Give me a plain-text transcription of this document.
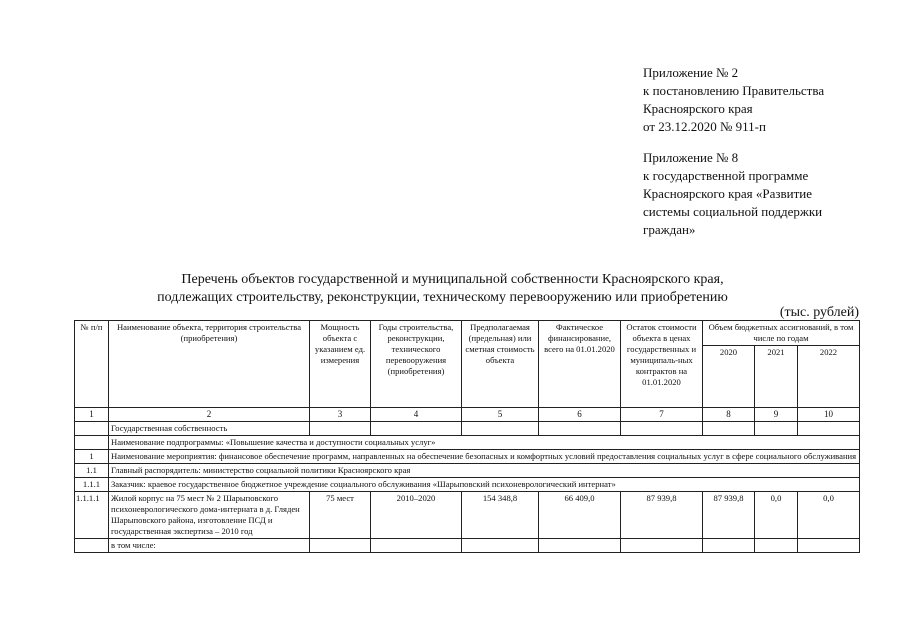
Приложение № 2
к постановлению Правительства
Красноярского края
от 23.12.2020 № 911-п
Приложение № 8
к государственной программе
Красноярского края «Развитие
системы социальной поддержки
граждан»
Перечень объектов государственной и муниципальной собственности Красноярского края,
подлежащих строительству, реконструкции, техническому перевооружению или приобретению
(тыс. рублей)
№ п/п	Наименование объекта, территория строительства (приобретения)	Мощность объекта с указанием ед. измерения	Годы строительства, реконструкции, технического перевооружения (приобретения)	Предполагаемая (предельная) или сметная стоимость объекта	Фактическое финансирование, всего на 01.01.2020	Остаток стоимости объекта в ценах государственных и муниципаль-ных контрактов на 01.01.2020	Объем бюджетных ассигнований, в том числе по годам		
							2020	2021	2022
1	2	3	4	5	6	7	8	9	10
	Государственная собственность								
	Наименование подпрограммы: «Повышение качества и доступности социальных услуг»								
1	Наименование мероприятия: финансовое обеспечение программ, направленных на обеспечение безопасных и комфортных условий предоставления социальных услуг в сфере социального обслуживания								
1.1	Главный распорядитель: министерство социальной политики Красноярского края								
1.1.1	Заказчик: краевое государственное бюджетное учреждение социального обслуживания «Шарыповский психоневрологический интернат»								
1.1.1.1	Жилой корпус на 75 мест № 2 Шарыповского психоневрологического дома-интерната в д. Гляден Шарыповского района, изготовление ПСД и государственная экспертиза – 2010 год	75 мест	2010–2020	154 348,8	66 409,0	87 939,8	87 939,8	0,0	0,0
	в том числе:								
